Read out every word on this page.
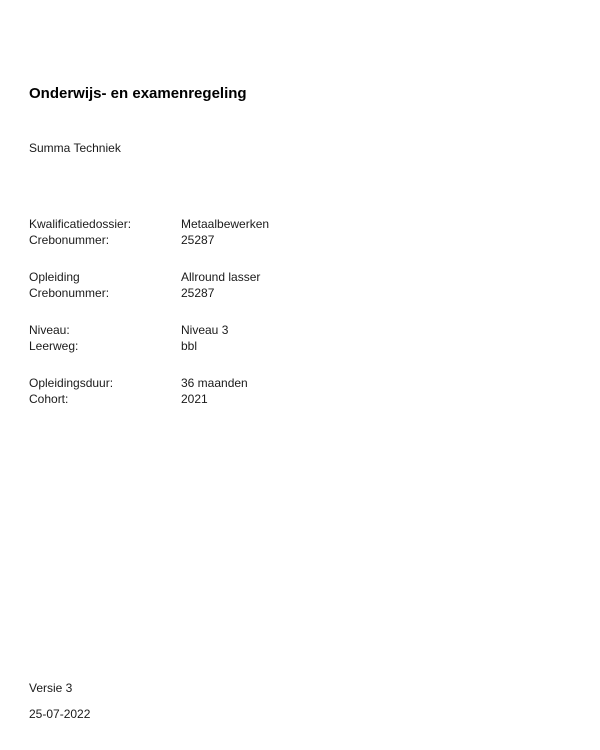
Onderwijs- en examenregeling
Summa Techniek
Kwalificatiedossier:	Metaalbewerken
Crebonummer:	25287
Opleiding	Allround lasser
Crebonummer:	25287
Niveau:	Niveau 3
Leerweg:	bbl
Opleidingsduur:	36 maanden
Cohort:	2021
Versie 3
25-07-2022
